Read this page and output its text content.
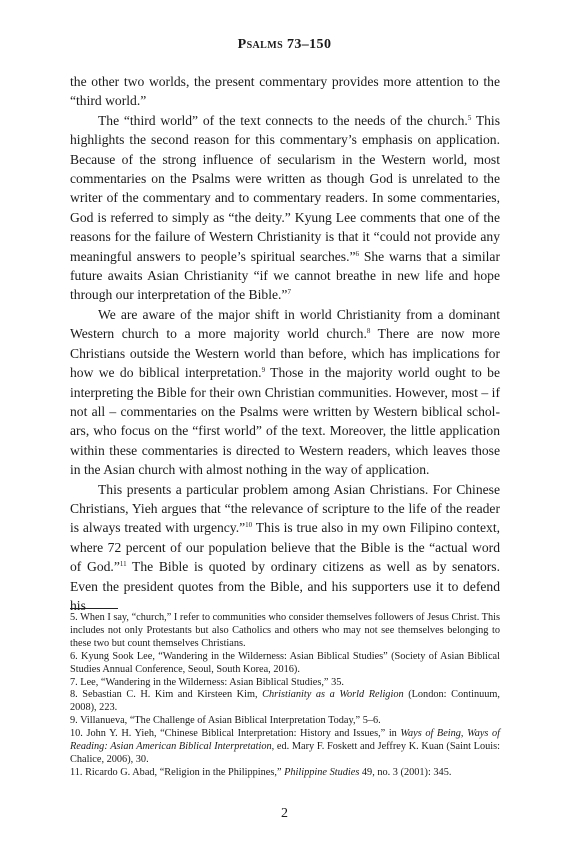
Psalms 73–150

the other two worlds, the present commentary provides more attention to the “third world.”

The “third world” of the text connects to the needs of the church.$^5$ This highlights the second reason for this commentary’s emphasis on application. Because of the strong influence of secularism in the Western world, most commentaries on the Psalms were written as though God is unrelated to the writer of the commentary and to commentary readers. In some commentaries, God is referred to simply as “the deity.” Kyung Lee comments that one of the reasons for the failure of Western Christianity is that it “could not provide any meaningful answers to people’s spiritual searches.”$^6$ She warns that a similar future awaits Asian Christianity “if we cannot breathe in new life and hope through our interpretation of the Bible.”$^7$

We are aware of the major shift in world Christianity from a dominant Western church to a more majority world church.$^8$ There are now more Christians outside the Western world than before, which has implications for how we do biblical interpretation.$^9$ Those in the majority world ought to be interpreting the Bible for their own Christian communities. However, most – if not all – commentaries on the Psalms were written by Western biblical scholars, who focus on the “first world” of the text. Moreover, the little application within these commentaries is directed to Western readers, which leaves those in the Asian church with almost nothing in the way of application.

This presents a particular problem among Asian Christians. For Chinese Christians, Yieh argues that “the relevance of scripture to the life of the reader is always treated with urgency.”$^{10}$ This is true also in my own Filipino context, where 72 percent of our population believe that the Bible is the “actual word of God.”$^{11}$ The Bible is quoted by ordinary citizens as well as by senators. Even the president quotes from the Bible, and his supporters use it to defend his

5. When I say, “church,” I refer to communities who consider themselves followers of Jesus Christ. This includes not only Protestants but also Catholics and others who may not see themselves belonging to these two but count themselves Christians.

6. Kyung Sook Lee, “Wandering in the Wilderness: Asian Biblical Studies” (Society of Asian Biblical Studies Annual Conference, Seoul, South Korea, 2016).

7. Lee, “Wandering in the Wilderness: Asian Biblical Studies,” 35.

8. Sebastian C. H. Kim and Kirsteen Kim, Christianity as a World Religion (London: Continuum, 2008), 223.

9. Villanueva, “The Challenge of Asian Biblical Interpretation Today,” 5–6.

10. John Y. H. Yieh, “Chinese Biblical Interpretation: History and Issues,” in Ways of Being, Ways of Reading: Asian American Biblical Interpretation, ed. Mary F. Foskett and Jeffrey K. Kuan (Saint Louis: Chalice, 2006), 30.

11. Ricardo G. Abad, “Religion in the Philippines,” Philippine Studies 49, no. 3 (2001): 345.

2
